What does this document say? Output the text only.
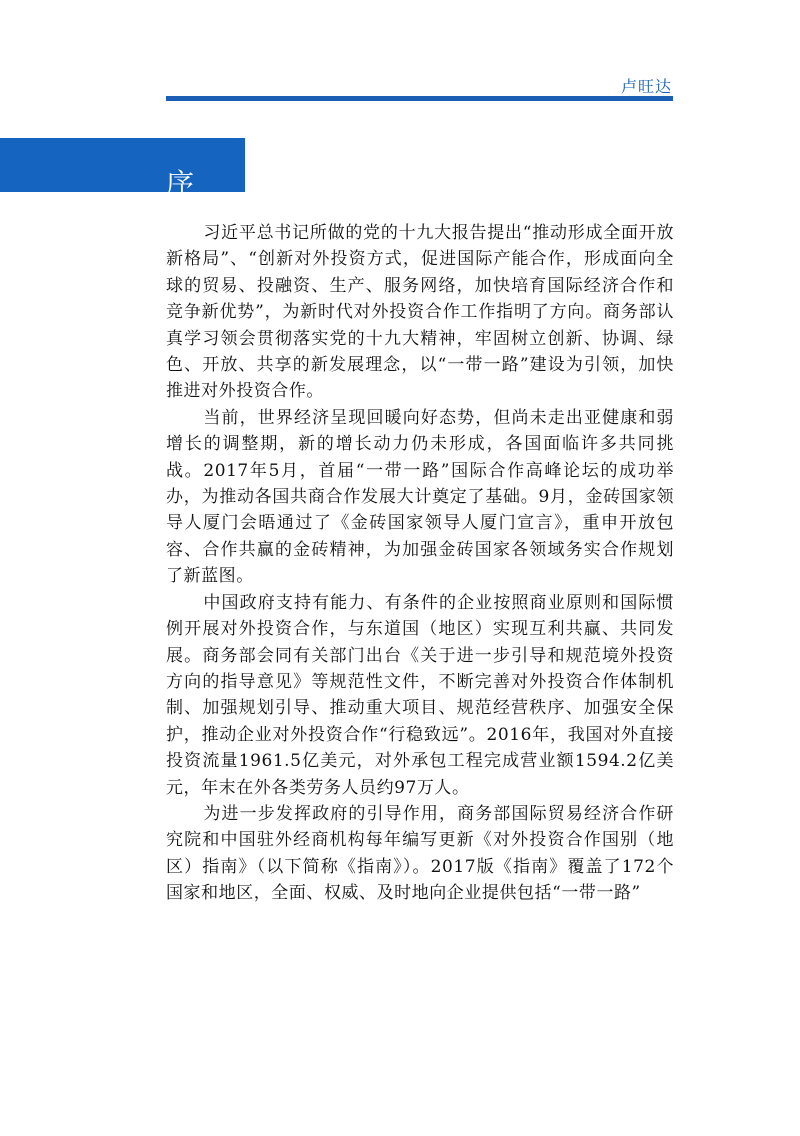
卢旺达
序

习近平总书记所做的党的十九大报告提出“推动形成全面开放新格局”、“创新对外投资方式，促进国际产能合作，形成面向全球的贸易、投融资、生产、服务网络，加快培育国际经济合作和竞争新优势”，为新时代对外投资合作工作指明了方向。商务部认真学习领会贯彻落实党的十九大精神，牢固树立创新、协调、绿色、开放、共享的新发展理念，以“一带一路”建设为引领，加快推进对外投资合作。

当前，世界经济呈现回暖向好态势，但尚未走出亚健康和弱增长的调整期，新的增长动力仍未形成，各国面临许多共同挑战。2017年5月，首届“一带一路”国际合作高峰论坛的成功举办，为推动各国共商合作发展大计奠定了基础。9月，金砖国家领导人厦门会晤通过了《金砖国家领导人厦门宣言》，重申开放包容、合作共赢的金砖精神，为加强金砖国家各领域务实合作规划了新蓝图。

中国政府支持有能力、有条件的企业按照商业原则和国际惯例开展对外投资合作，与东道国（地区）实现互利共赢、共同发展。商务部会同有关部门出台《关于进一步引导和规范境外投资方向的指导意见》等规范性文件，不断完善对外投资合作体制机制、加强规划引导、推动重大项目、规范经营秩序、加强安全保护，推动企业对外投资合作“行稳致远”。2016年，我国对外直接投资流量1961.5亿美元，对外承包工程完成营业额1594.2亿美元，年末在外各类劳务人员约97万人。

为进一步发挥政府的引导作用，商务部国际贸易经济合作研究院和中国驻外经商机构每年编写更新《对外投资合作国别（地区）指南》（以下简称《指南》）。2017版《指南》覆盖了172个国家和地区，全面、权威、及时地向企业提供包括“一带一路”
